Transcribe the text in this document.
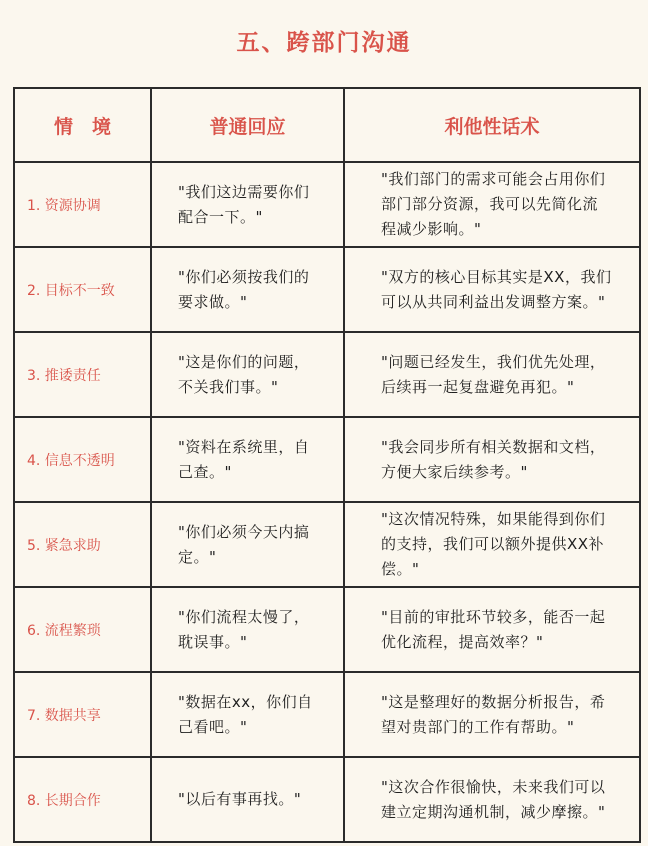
五、跨部门沟通
情　境	普通回应	利他性话术
1. 资源协调	"我们这边需要你们配合一下。"	"我们部门的需求可能会占用你们部门部分资源，我可以先简化流程减少影响。"
2. 目标不一致	"你们必须按我们的要求做。"	"双方的核心目标其实是XX，我们可以从共同利益出发调整方案。"
3. 推诿责任	"这是你们的问题，不关我们事。"	"问题已经发生，我们优先处理，后续再一起复盘避免再犯。"
4. 信息不透明	"资料在系统里，自己查。"	"我会同步所有相关数据和文档，方便大家后续参考。"
5. 紧急求助	"你们必须今天内搞定。"	"这次情况特殊，如果能得到你们的支持，我们可以额外提供XX补偿。"
6. 流程繁琐	"你们流程太慢了，耽误事。"	"目前的审批环节较多，能否一起优化流程，提高效率？"
7. 数据共享	"数据在xx，你们自己看吧。"	"这是整理好的数据分析报告，希望对贵部门的工作有帮助。"
8. 长期合作	"以后有事再找。"	"这次合作很愉快，未来我们可以建立定期沟通机制，减少摩擦。"
